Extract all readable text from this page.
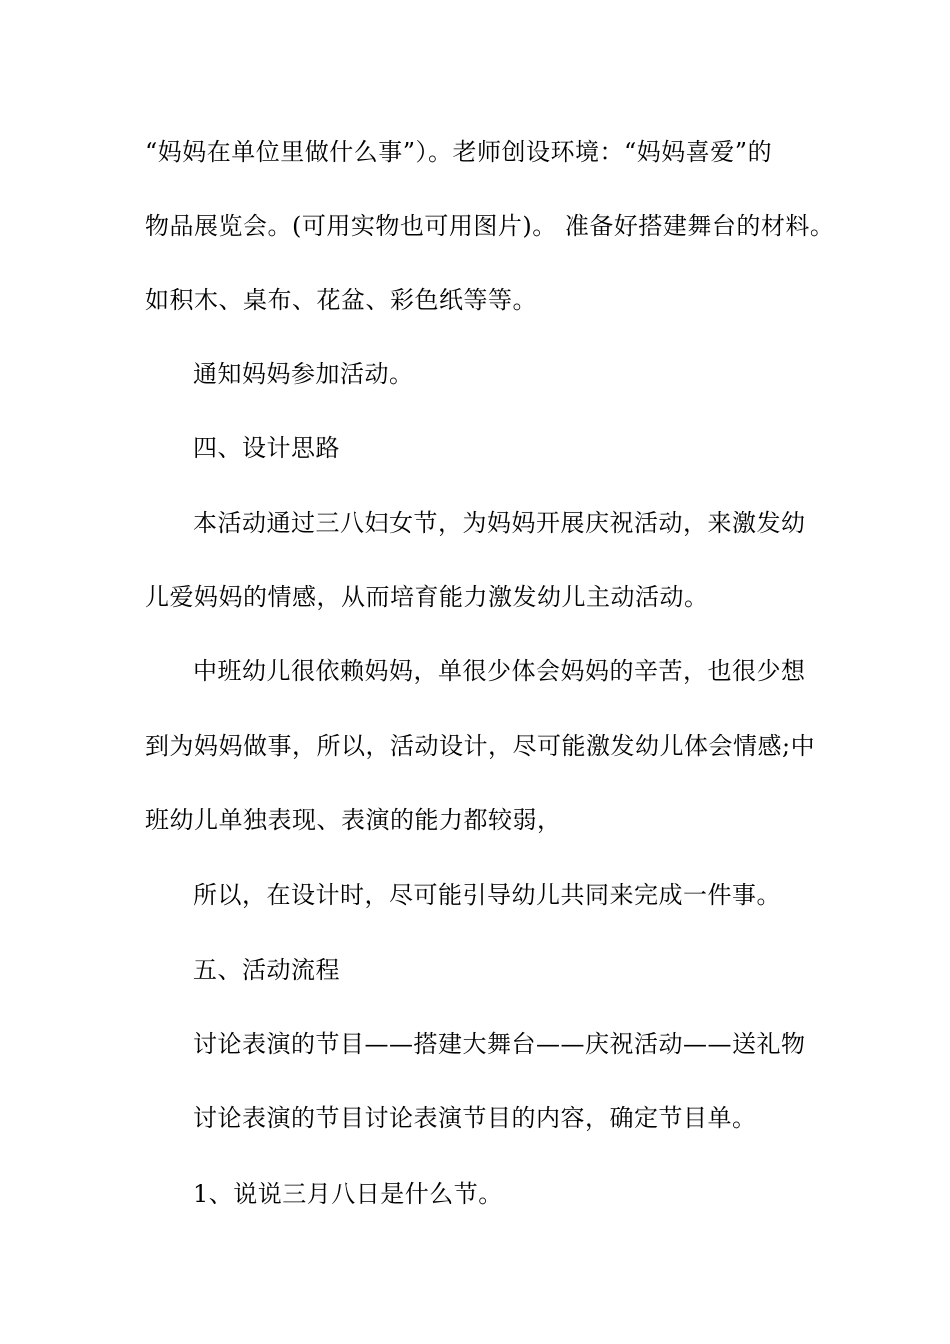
“妈妈在单位里做什么事”）。老师创设环境：“妈妈喜爱”的
物品展览会。(可用实物也可用图片)。 准备好搭建舞台的材料。
如积木、桌布、花盆、彩色纸等等。
通知妈妈参加活动。
四、设计思路
本活动通过三八妇女节，为妈妈开展庆祝活动，来激发幼
儿爱妈妈的情感，从而培育能力激发幼儿主动活动。
中班幼儿很依赖妈妈，单很少体会妈妈的辛苦，也很少想
到为妈妈做事，所以，活动设计，尽可能激发幼儿体会情感;中
班幼儿单独表现、表演的能力都较弱，
所以，在设计时，尽可能引导幼儿共同来完成一件事。
五、活动流程
讨论表演的节目——搭建大舞台——庆祝活动——送礼物
讨论表演的节目讨论表演节目的内容，确定节目单。
1、说说三月八日是什么节。
